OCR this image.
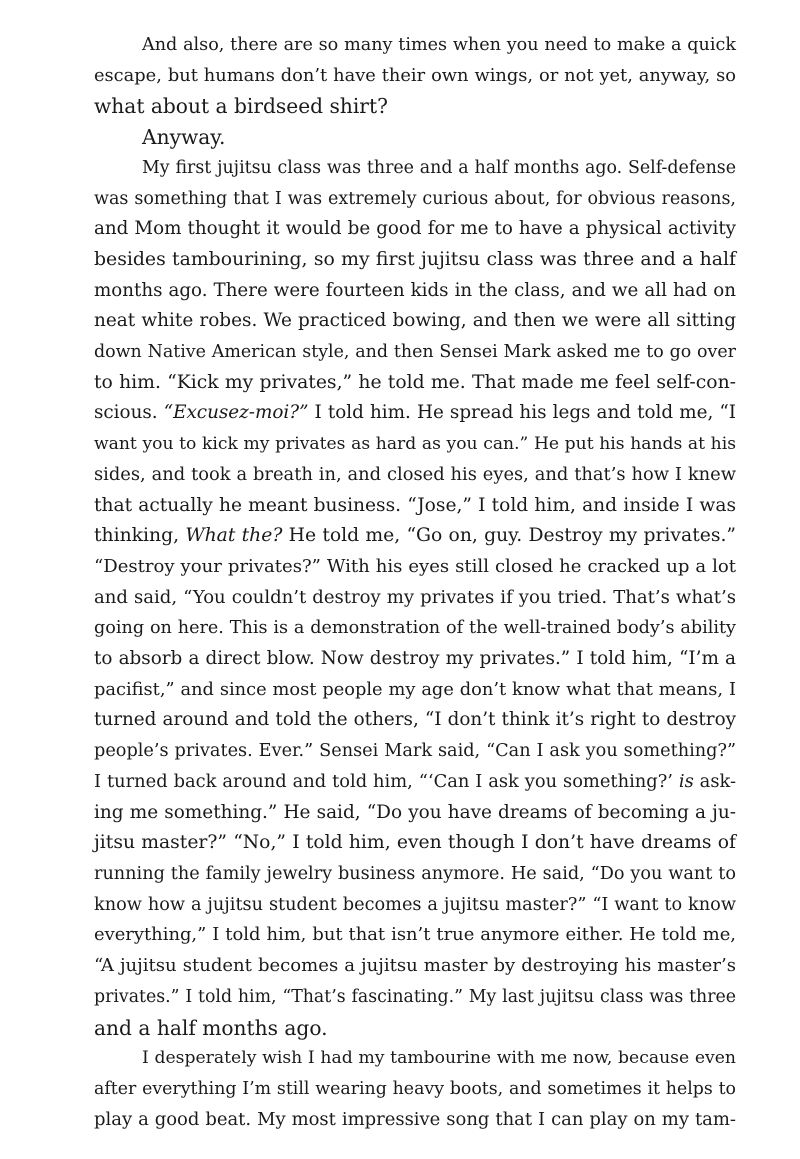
And also, there are so many times when you need to make a quick
escape, but humans don’t have their own wings, or not yet, anyway, so
what about a birdseed shirt?
Anyway.
My first jujitsu class was three and a half months ago. Self-defense
was something that I was extremely curious about, for obvious reasons,
and Mom thought it would be good for me to have a physical activity
besides tambourining, so my first jujitsu class was three and a half
months ago. There were fourteen kids in the class, and we all had on
neat white robes. We practiced bowing, and then we were all sitting
down Native American style, and then Sensei Mark asked me to go over
to him. “Kick my privates,” he told me. That made me feel self-con-
scious. “Excusez-moi?” I told him. He spread his legs and told me, “I
want you to kick my privates as hard as you can.” He put his hands at his
sides, and took a breath in, and closed his eyes, and that’s how I knew
that actually he meant business. “Jose,” I told him, and inside I was
thinking, What the? He told me, “Go on, guy. Destroy my privates.”
“Destroy your privates?” With his eyes still closed he cracked up a lot
and said, “You couldn’t destroy my privates if you tried. That’s what’s
going on here. This is a demonstration of the well-trained body’s ability
to absorb a direct blow. Now destroy my privates.” I told him, “I’m a
pacifist,” and since most people my age don’t know what that means, I
turned around and told the others, “I don’t think it’s right to destroy
people’s privates. Ever.” Sensei Mark said, “Can I ask you something?”
I turned back around and told him, “‘Can I ask you something?’ is ask-
ing me something.” He said, “Do you have dreams of becoming a ju-
jitsu master?” “No,” I told him, even though I don’t have dreams of
running the family jewelry business anymore. He said, “Do you want to
know how a jujitsu student becomes a jujitsu master?” “I want to know
everything,” I told him, but that isn’t true anymore either. He told me,
“A jujitsu student becomes a jujitsu master by destroying his master’s
privates.” I told him, “That’s fascinating.” My last jujitsu class was three
and a half months ago.
I desperately wish I had my tambourine with me now, because even
after everything I’m still wearing heavy boots, and sometimes it helps to
play a good beat. My most impressive song that I can play on my tam-
